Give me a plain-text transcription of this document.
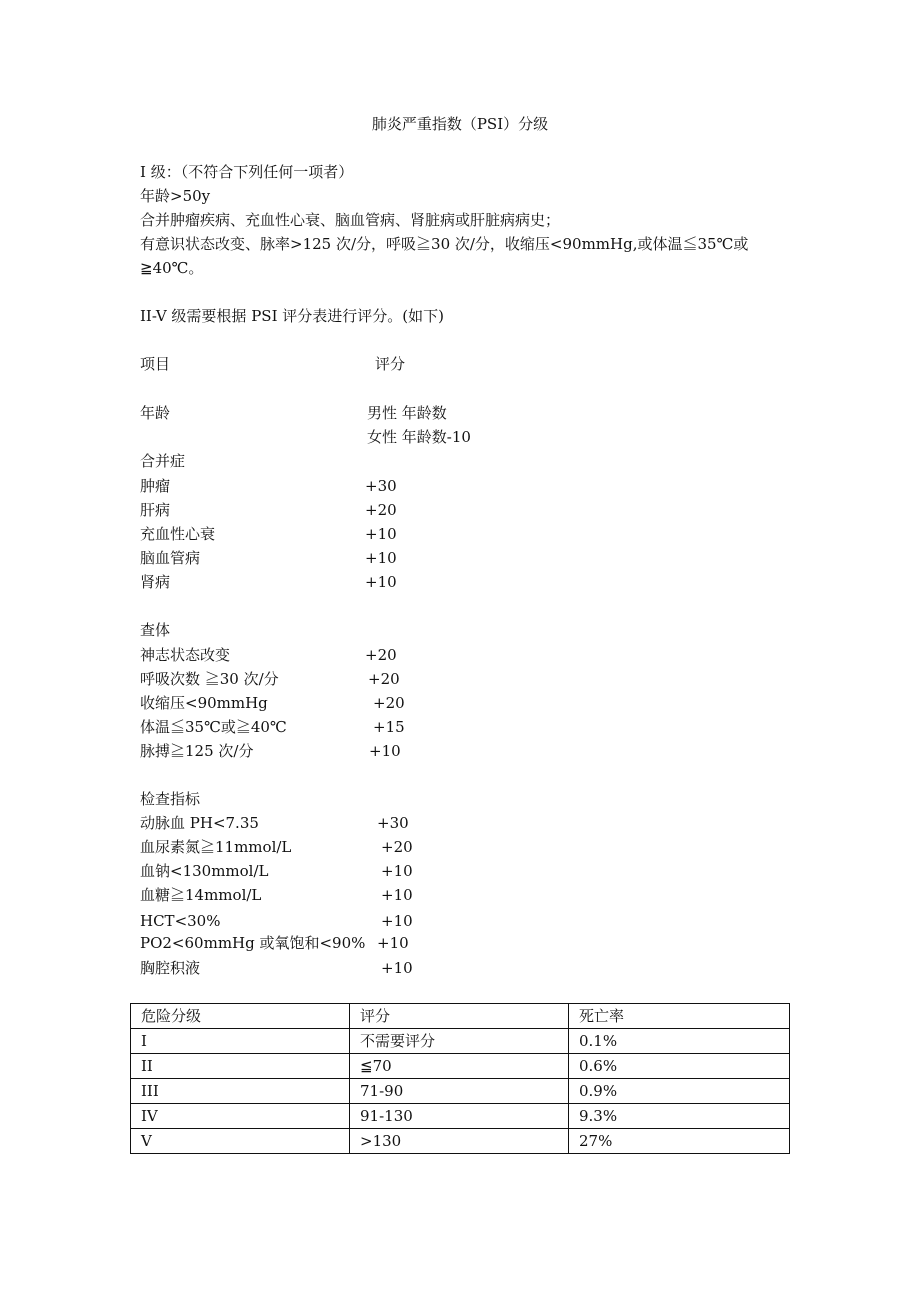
肺炎严重指数（PSI）分级
I 级：（不符合下列任何一项者）
年龄>50y
合并肿瘤疾病、充血性心衰、脑血管病、肾脏病或肝脏病病史；
有意识状态改变、脉率>125 次/分，呼吸≧30 次/分，收缩压<90mmHg,或体温≦35℃或
≧40℃。
II-V 级需要根据 PSI 评分表进行评分。(如下)
项目	评分
年龄	男性 年龄数
女性 年龄数-10
合并症
肿瘤	+30
肝病	+20
充血性心衰	+10
脑血管病	+10
肾病	+10
查体
神志状态改变	+20
呼吸次数 ≧30 次/分	+20
收缩压<90mmHg	+20
体温≦35℃或≧40℃	+15
脉搏≧125 次/分	+10
检查指标
动脉血 PH<7.35	+30
血尿素氮≧11mmol/L	+20
血钠<130mmol/L	+10
血糖≧14mmol/L	+10
HCT<30%	+10
PO2<60mmHg 或氧饱和<90% +10
胸腔积液	+10
危险分级	评分	死亡率
I	不需要评分	0.1%
II	≦70	0.6%
III	71-90	0.9%
IV	91-130	9.3%
V	>130	27%
